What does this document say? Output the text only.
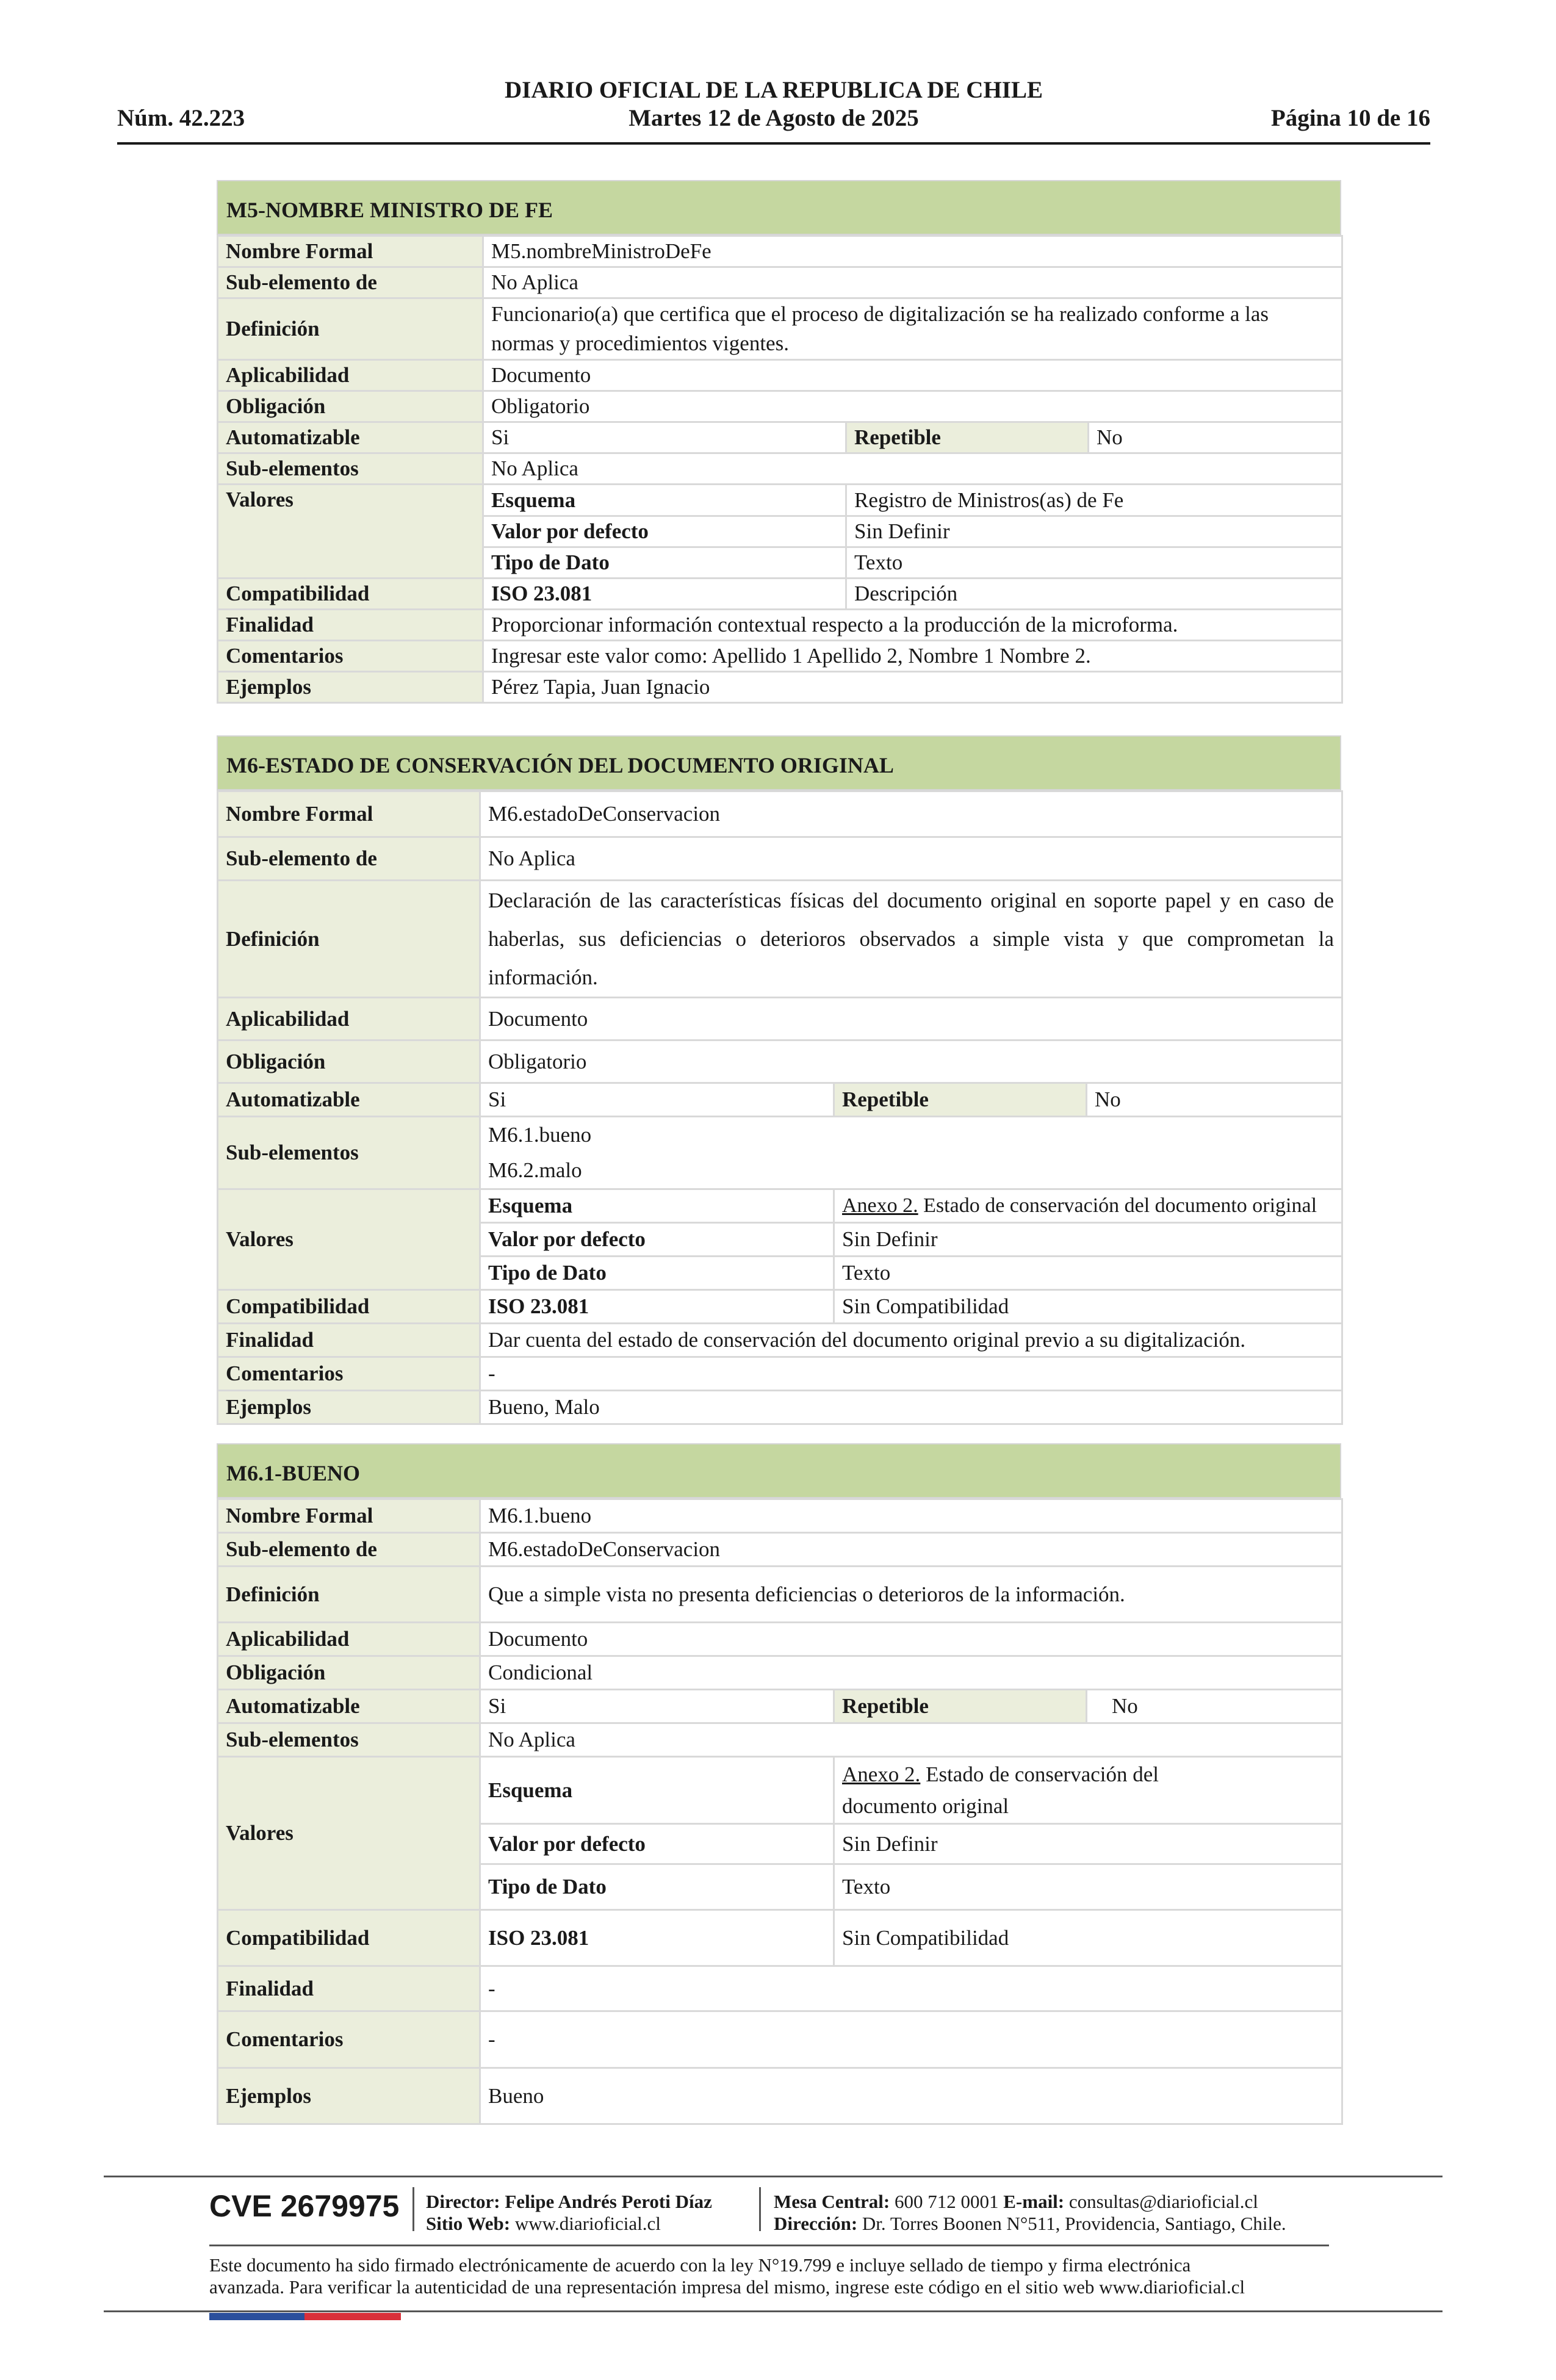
Núm. 42.223
DIARIO OFICIAL DE LA REPUBLICA DE CHILE
Martes 12 de Agosto de 2025	Página 10 de 16
M5-NOMBRE MINISTRO DE FE
Nombre Formal	M5.nombreMinistroDeFe		
Sub-elemento de	No Aplica		
Definición	Funcionario(a) que certifica que el proceso de digitalización se ha realizado conforme a las normas y procedimientos vigentes.		
Aplicabilidad	Documento		
Obligación	Obligatorio		
Automatizable	Si	Repetible	No
Sub-elementos	No Aplica		
Valores	Esquema	Registro de Ministros(as) de Fe	
	Valor por defecto	Sin Definir	
	Tipo de Dato	Texto	
Compatibilidad	ISO 23.081	Descripción	
Finalidad	Proporcionar información contextual respecto a la producción de la microforma.		
Comentarios	Ingresar este valor como: Apellido 1 Apellido 2, Nombre 1 Nombre 2.		
Ejemplos	Pérez Tapia, Juan Ignacio		
M6-ESTADO DE CONSERVACIÓN DEL DOCUMENTO ORIGINAL
Nombre Formal	M6.estadoDeConservacion		
Sub-elemento de	No Aplica		
Definición	Declaración de las características físicas del documento original en soporte papel y en caso de haberlas, sus deficiencias o deterioros observados a simple vista y que comprometan la información.		
Aplicabilidad	Documento		
Obligación	Obligatorio		
Automatizable	Si	Repetible	No
Sub-elementos	M6.1.bueno
M6.2.malo		

Valores	Esquema	Anexo 2. Estado de conservación del documento original	
	Valor por defecto	Sin Definir	
	Tipo de Dato	Texto	
Compatibilidad	ISO 23.081	Sin Compatibilidad	
Finalidad	Dar cuenta del estado de conservación del documento original previo a su digitalización.		
Comentarios	-		
Ejemplos	Bueno, Malo		
M6.1-BUENO
Nombre Formal	M6.1.bueno		
Sub-elemento de	M6.estadoDeConservacion		
Definición	Que a simple vista no presenta deficiencias o deterioros de la información.		
Aplicabilidad	Documento		
Obligación	Condicional		
Automatizable	Si	Repetible	No
Sub-elementos	No Aplica		
Valores	Esquema	Anexo 2. Estado de conservación del documento original	

	Valor por defecto	Sin Definir	
	Tipo de Dato	Texto	
Compatibilidad	ISO 23.081	Sin Compatibilidad	
Finalidad	-		
Comentarios	-		
Ejemplos	Bueno		
CVE 2679975 Director: Felipe Andrés Peroti Díaz
Sitio Web: www.diarioficial.cl
Mesa Central: 600 712 0001 E-mail: consultas@diarioficial.cl
Dirección: Dr. Torres Boonen N°511, Providencia, Santiago, Chile.
Este documento ha sido firmado electrónicamente de acuerdo con la ley N°19.799 e incluye sellado de tiempo y firma electrónica
avanzada. Para verificar la autenticidad de una representación impresa del mismo, ingrese este código en el sitio web www.diarioficial.cl
